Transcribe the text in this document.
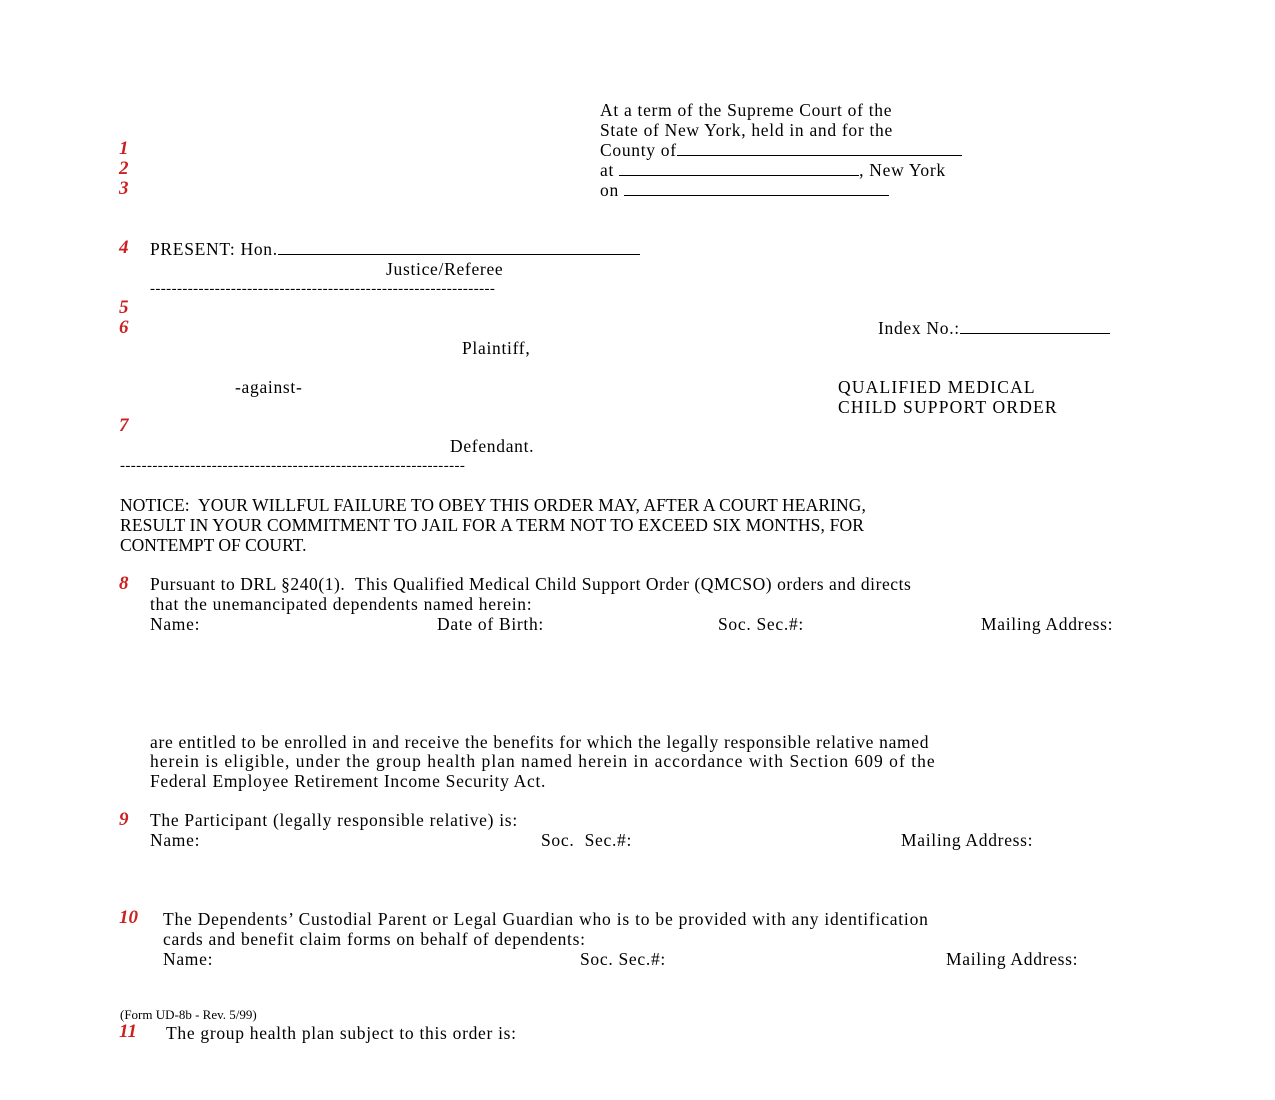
At a term of the Supreme Court of the
State of New York, held in and for the
County of
at	, New York
on
1
2
3
4
5
6
7
8
9
10
11
PRESENT: Hon.
Justice/Referee
----------------------------------------------------------------
Index No.:
Plaintiff,
-against-	QUALIFIED MEDICAL
CHILD SUPPORT ORDER
Defendant.
----------------------------------------------------------------
NOTICE:  YOUR WILLFUL FAILURE TO OBEY THIS ORDER MAY, AFTER A COURT HEARING,
RESULT IN YOUR COMMITMENT TO JAIL FOR A TERM NOT TO EXCEED SIX MONTHS, FOR
CONTEMPT OF COURT.
Pursuant to DRL §240(1).  This Qualified Medical Child Support Order (QMCSO) orders and directs
that the unemancipated dependents named herein:
Name:	Date of Birth:	Soc. Sec.#:	Mailing Address:
are entitled to be enrolled in and receive the benefits for which the legally responsible relative named
herein is eligible, under the group health plan named herein in accordance with Section 609 of the
Federal Employee Retirement Income Security Act.
The Participant (legally responsible relative) is:
Name:	Soc.  Sec.#:	Mailing Address:
The Dependents’ Custodial Parent or Legal Guardian who is to be provided with any identification
cards and benefit claim forms on behalf of dependents:
Name:	Soc. Sec.#:	Mailing Address:
(Form UD-8b - Rev. 5/99)
The group health plan subject to this order is:
